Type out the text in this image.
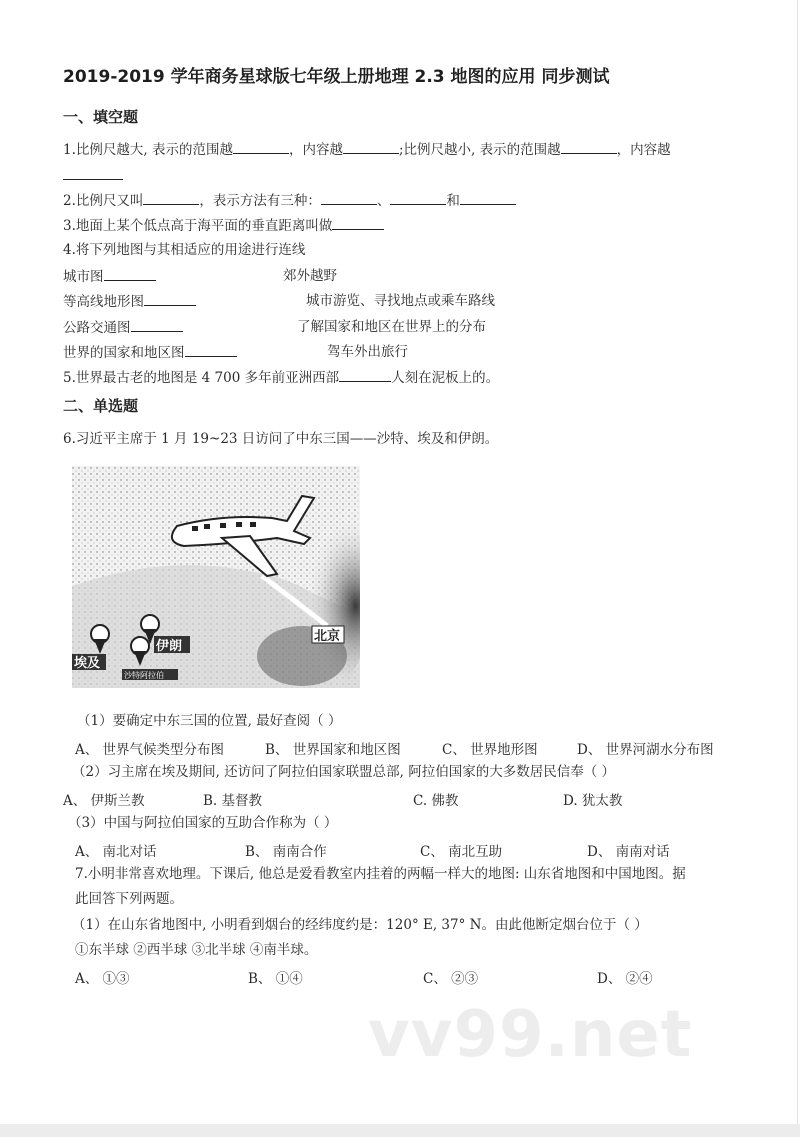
2019-2019 学年商务星球版七年级上册地理 2.3 地图的应用 同步测试
一、填空题
1.比例尺越大, 表示的范围越	，内容越	;比例尺越小, 表示的范围越	，内容越
2.比例尺又叫	，表示方法有三种：	、	和
3.地面上某个低点高于海平面的垂直距离叫做
4.将下列地图与其相适应的用途进行连线
城市图	郊外越野
等高线地形图	城市游览、寻找地点或乘车路线
公路交通图	了解国家和地区在世界上的分布
世界的国家和地区图	驾车外出旅行
5.世界最古老的地图是 4 700 多年前亚洲西部	人刻在泥板上的。
二、单选题
6.习近平主席于 1 月 19~23 日访问了中东三国——沙特、埃及和伊朗。
埃及
伊朗
沙特阿拉伯
北京
（1）要确定中东三国的位置, 最好查阅（ ）
A、 世界气候类型分布图	B、 世界国家和地区图	C、 世界地形图	D、 世界河湖水分布图
（2）习主席在埃及期间, 还访问了阿拉伯国家联盟总部, 阿拉伯国家的大多数居民信奉（ ）
A、 伊斯兰教	B. 基督教	C. 佛教	D. 犹太教
（3）中国与阿拉伯国家的互助合作称为（ ）
A、 南北对话	B、 南南合作	C、 南北互助	D、 南南对话
7.小明非常喜欢地理。下课后, 他总是爱看教室内挂着的两幅一样大的地图: 山东省地图和中国地图。据
此回答下列两题。
（1）在山东省地图中, 小明看到烟台的经纬度约是：120° E, 37° N。由此他断定烟台位于（ ）
①东半球 ②西半球 ③北半球 ④南半球。
A、 ①③	B、 ①④	C、 ②③	D、 ②④
vv99.net
